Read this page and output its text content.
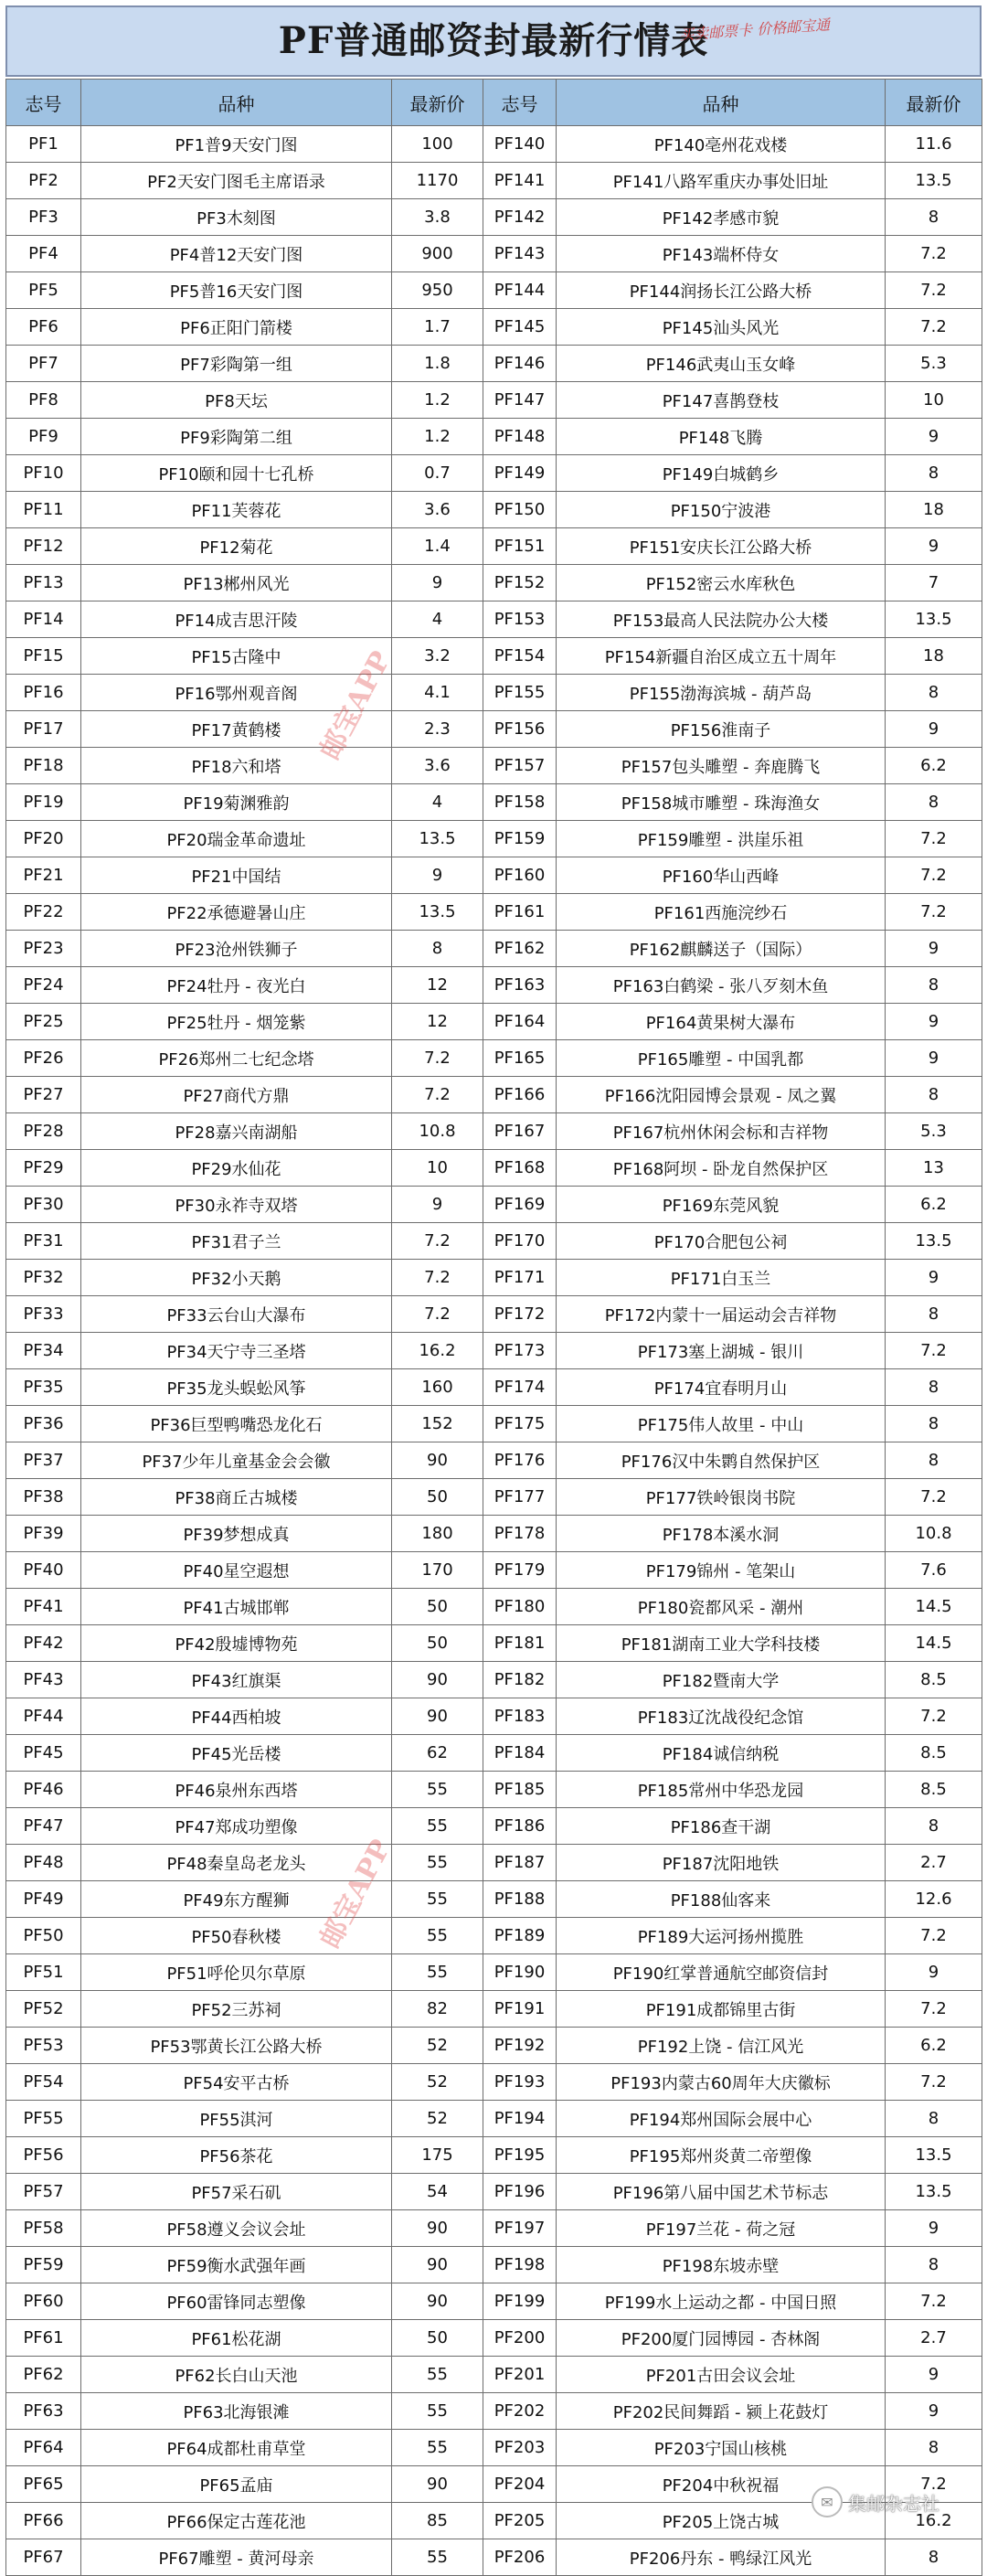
PF普通邮资封最新行情表
买卖邮票卡 价格邮宝通
志号	品种	最新价	志号	品种	最新价
PF1	PF1普9天安门图	100	PF140	PF140亳州花戏楼	11.6
PF2	PF2天安门图毛主席语录	1170	PF141	PF141八路军重庆办事处旧址	13.5
PF3	PF3木刻图	3.8	PF142	PF142孝感市貌	8
PF4	PF4普12天安门图	900	PF143	PF143端杯侍女	7.2
PF5	PF5普16天安门图	950	PF144	PF144润扬长江公路大桥	7.2
PF6	PF6正阳门箭楼	1.7	PF145	PF145汕头风光	7.2
PF7	PF7彩陶第一组	1.8	PF146	PF146武夷山玉女峰	5.3
PF8	PF8天坛	1.2	PF147	PF147喜鹊登枝	10
PF9	PF9彩陶第二组	1.2	PF148	PF148飞腾	9
PF10	PF10颐和园十七孔桥	0.7	PF149	PF149白城鹤乡	8
PF11	PF11芙蓉花	3.6	PF150	PF150宁波港	18
PF12	PF12菊花	1.4	PF151	PF151安庆长江公路大桥	9
PF13	PF13郴州风光	9	PF152	PF152密云水库秋色	7
PF14	PF14成吉思汗陵	4	PF153	PF153最高人民法院办公大楼	13.5
PF15	PF15古隆中	3.2	PF154	PF154新疆自治区成立五十周年	18
PF16	PF16鄂州观音阁	4.1	PF155	PF155渤海滨城 - 葫芦岛	8
PF17	PF17黄鹤楼	2.3	PF156	PF156淮南子	9
PF18	PF18六和塔	3.6	PF157	PF157包头雕塑 - 奔鹿腾飞	6.2
PF19	PF19菊渊雅韵	4	PF158	PF158城市雕塑 - 珠海渔女	8
PF20	PF20瑞金革命遗址	13.5	PF159	PF159雕塑 - 洪崖乐祖	7.2
PF21	PF21中国结	9	PF160	PF160华山西峰	7.2
PF22	PF22承德避暑山庄	13.5	PF161	PF161西施浣纱石	7.2
PF23	PF23沧州铁狮子	8	PF162	PF162麒麟送子（国际）	9
PF24	PF24牡丹 - 夜光白	12	PF163	PF163白鹤梁 - 张八歹刻木鱼	8
PF25	PF25牡丹 - 烟笼紫	12	PF164	PF164黄果树大瀑布	9
PF26	PF26郑州二七纪念塔	7.2	PF165	PF165雕塑 - 中国乳都	9
PF27	PF27商代方鼎	7.2	PF166	PF166沈阳园博会景观 - 凤之翼	8
PF28	PF28嘉兴南湖船	10.8	PF167	PF167杭州休闲会标和吉祥物	5.3
PF29	PF29水仙花	10	PF168	PF168阿坝 - 卧龙自然保护区	13
PF30	PF30永祚寺双塔	9	PF169	PF169东莞风貌	6.2
PF31	PF31君子兰	7.2	PF170	PF170合肥包公祠	13.5
PF32	PF32小天鹅	7.2	PF171	PF171白玉兰	9
PF33	PF33云台山大瀑布	7.2	PF172	PF172内蒙十一届运动会吉祥物	8
PF34	PF34天宁寺三圣塔	16.2	PF173	PF173塞上湖城 - 银川	7.2
PF35	PF35龙头蜈蚣风筝	160	PF174	PF174宜春明月山	8
PF36	PF36巨型鸭嘴恐龙化石	152	PF175	PF175伟人故里 - 中山	8
PF37	PF37少年儿童基金会会徽	90	PF176	PF176汉中朱鹮自然保护区	8
PF38	PF38商丘古城楼	50	PF177	PF177铁岭银岗书院	7.2
PF39	PF39梦想成真	180	PF178	PF178本溪水洞	10.8
PF40	PF40星空遐想	170	PF179	PF179锦州 - 笔架山	7.6
PF41	PF41古城邯郸	50	PF180	PF180瓷都风采 - 潮州	14.5
PF42	PF42殷墟博物苑	50	PF181	PF181湖南工业大学科技楼	14.5
PF43	PF43红旗渠	90	PF182	PF182暨南大学	8.5
PF44	PF44西柏坡	90	PF183	PF183辽沈战役纪念馆	7.2
PF45	PF45光岳楼	62	PF184	PF184诚信纳税	8.5
PF46	PF46泉州东西塔	55	PF185	PF185常州中华恐龙园	8.5
PF47	PF47郑成功塑像	55	PF186	PF186查干湖	8
PF48	PF48秦皇岛老龙头	55	PF187	PF187沈阳地铁	2.7
PF49	PF49东方醒狮	55	PF188	PF188仙客来	12.6
PF50	PF50春秋楼	55	PF189	PF189大运河扬州揽胜	7.2
PF51	PF51呼伦贝尔草原	55	PF190	PF190红掌普通航空邮资信封	9
PF52	PF52三苏祠	82	PF191	PF191成都锦里古街	7.2
PF53	PF53鄂黄长江公路大桥	52	PF192	PF192上饶 - 信江风光	6.2
PF54	PF54安平古桥	52	PF193	PF193内蒙古60周年大庆徽标	7.2
PF55	PF55淇河	52	PF194	PF194郑州国际会展中心	8
PF56	PF56茶花	175	PF195	PF195郑州炎黄二帝塑像	13.5
PF57	PF57采石矶	54	PF196	PF196第八届中国艺术节标志	13.5
PF58	PF58遵义会议会址	90	PF197	PF197兰花 - 荷之冠	9
PF59	PF59衡水武强年画	90	PF198	PF198东坡赤壁	8
PF60	PF60雷锋同志塑像	90	PF199	PF199水上运动之都 - 中国日照	7.2
PF61	PF61松花湖	50	PF200	PF200厦门园博园 - 杏林阁	2.7
PF62	PF62长白山天池	55	PF201	PF201古田会议会址	9
PF63	PF63北海银滩	55	PF202	PF202民间舞蹈 - 颍上花鼓灯	9
PF64	PF64成都杜甫草堂	55	PF203	PF203宁国山核桃	8
PF65	PF65孟庙	90	PF204	PF204中秋祝福	7.2
PF66	PF66保定古莲花池	85	PF205	PF205上饶古城	16.2
PF67	PF67雕塑 - 黄河母亲	55	PF206	PF206丹东 - 鸭绿江风光	8
邮宝APP
邮宝APP
✉ 集邮杂志社
